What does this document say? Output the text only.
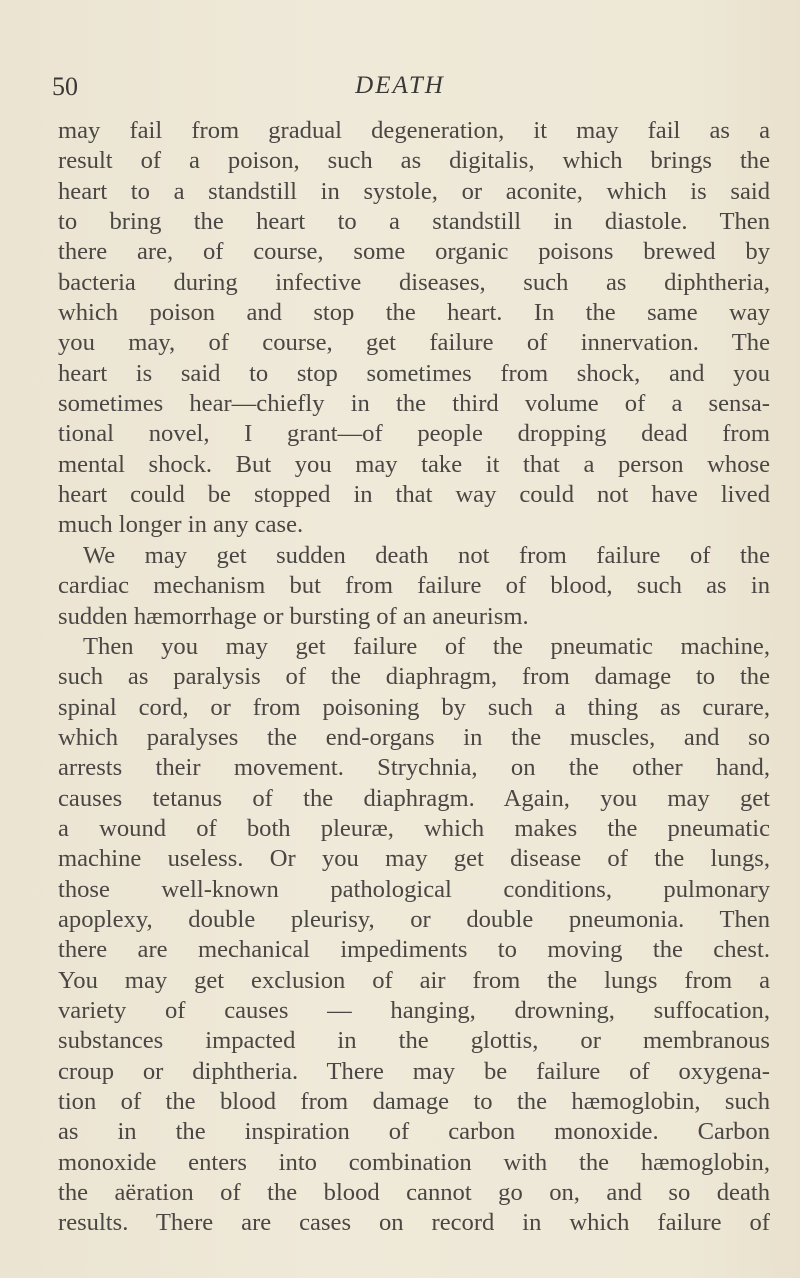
50	DEATH
may fail from gradual degeneration, it may fail as a
result of a poison, such as digitalis, which brings the
heart to a standstill in systole, or aconite, which is said
to bring the heart to a standstill in diastole. Then
there are, of course, some organic poisons brewed by
bacteria during infective diseases, such as diphtheria,
which poison and stop the heart. In the same way
you may, of course, get failure of innervation. The
heart is said to stop sometimes from shock, and you
sometimes hear—chiefly in the third volume of a sensa-
tional novel, I grant—of people dropping dead from
mental shock. But you may take it that a person whose
heart could be stopped in that way could not have lived
much longer in any case.
We may get sudden death not from failure of the
cardiac mechanism but from failure of blood, such as in
sudden hæmorrhage or bursting of an aneurism.
Then you may get failure of the pneumatic machine,
such as paralysis of the diaphragm, from damage to the
spinal cord, or from poisoning by such a thing as curare,
which paralyses the end-organs in the muscles, and so
arrests their movement. Strychnia, on the other hand,
causes tetanus of the diaphragm. Again, you may get
a wound of both pleuræ, which makes the pneumatic
machine useless. Or you may get disease of the lungs,
those well-known pathological conditions, pulmonary
apoplexy, double pleurisy, or double pneumonia. Then
there are mechanical impediments to moving the chest.
You may get exclusion of air from the lungs from a
variety of causes — hanging, drowning, suffocation,
substances impacted in the glottis, or membranous
croup or diphtheria. There may be failure of oxygena-
tion of the blood from damage to the hæmoglobin, such
as in the inspiration of carbon monoxide. Carbon
monoxide enters into combination with the hæmoglobin,
the aëration of the blood cannot go on, and so death
results. There are cases on record in which failure of
